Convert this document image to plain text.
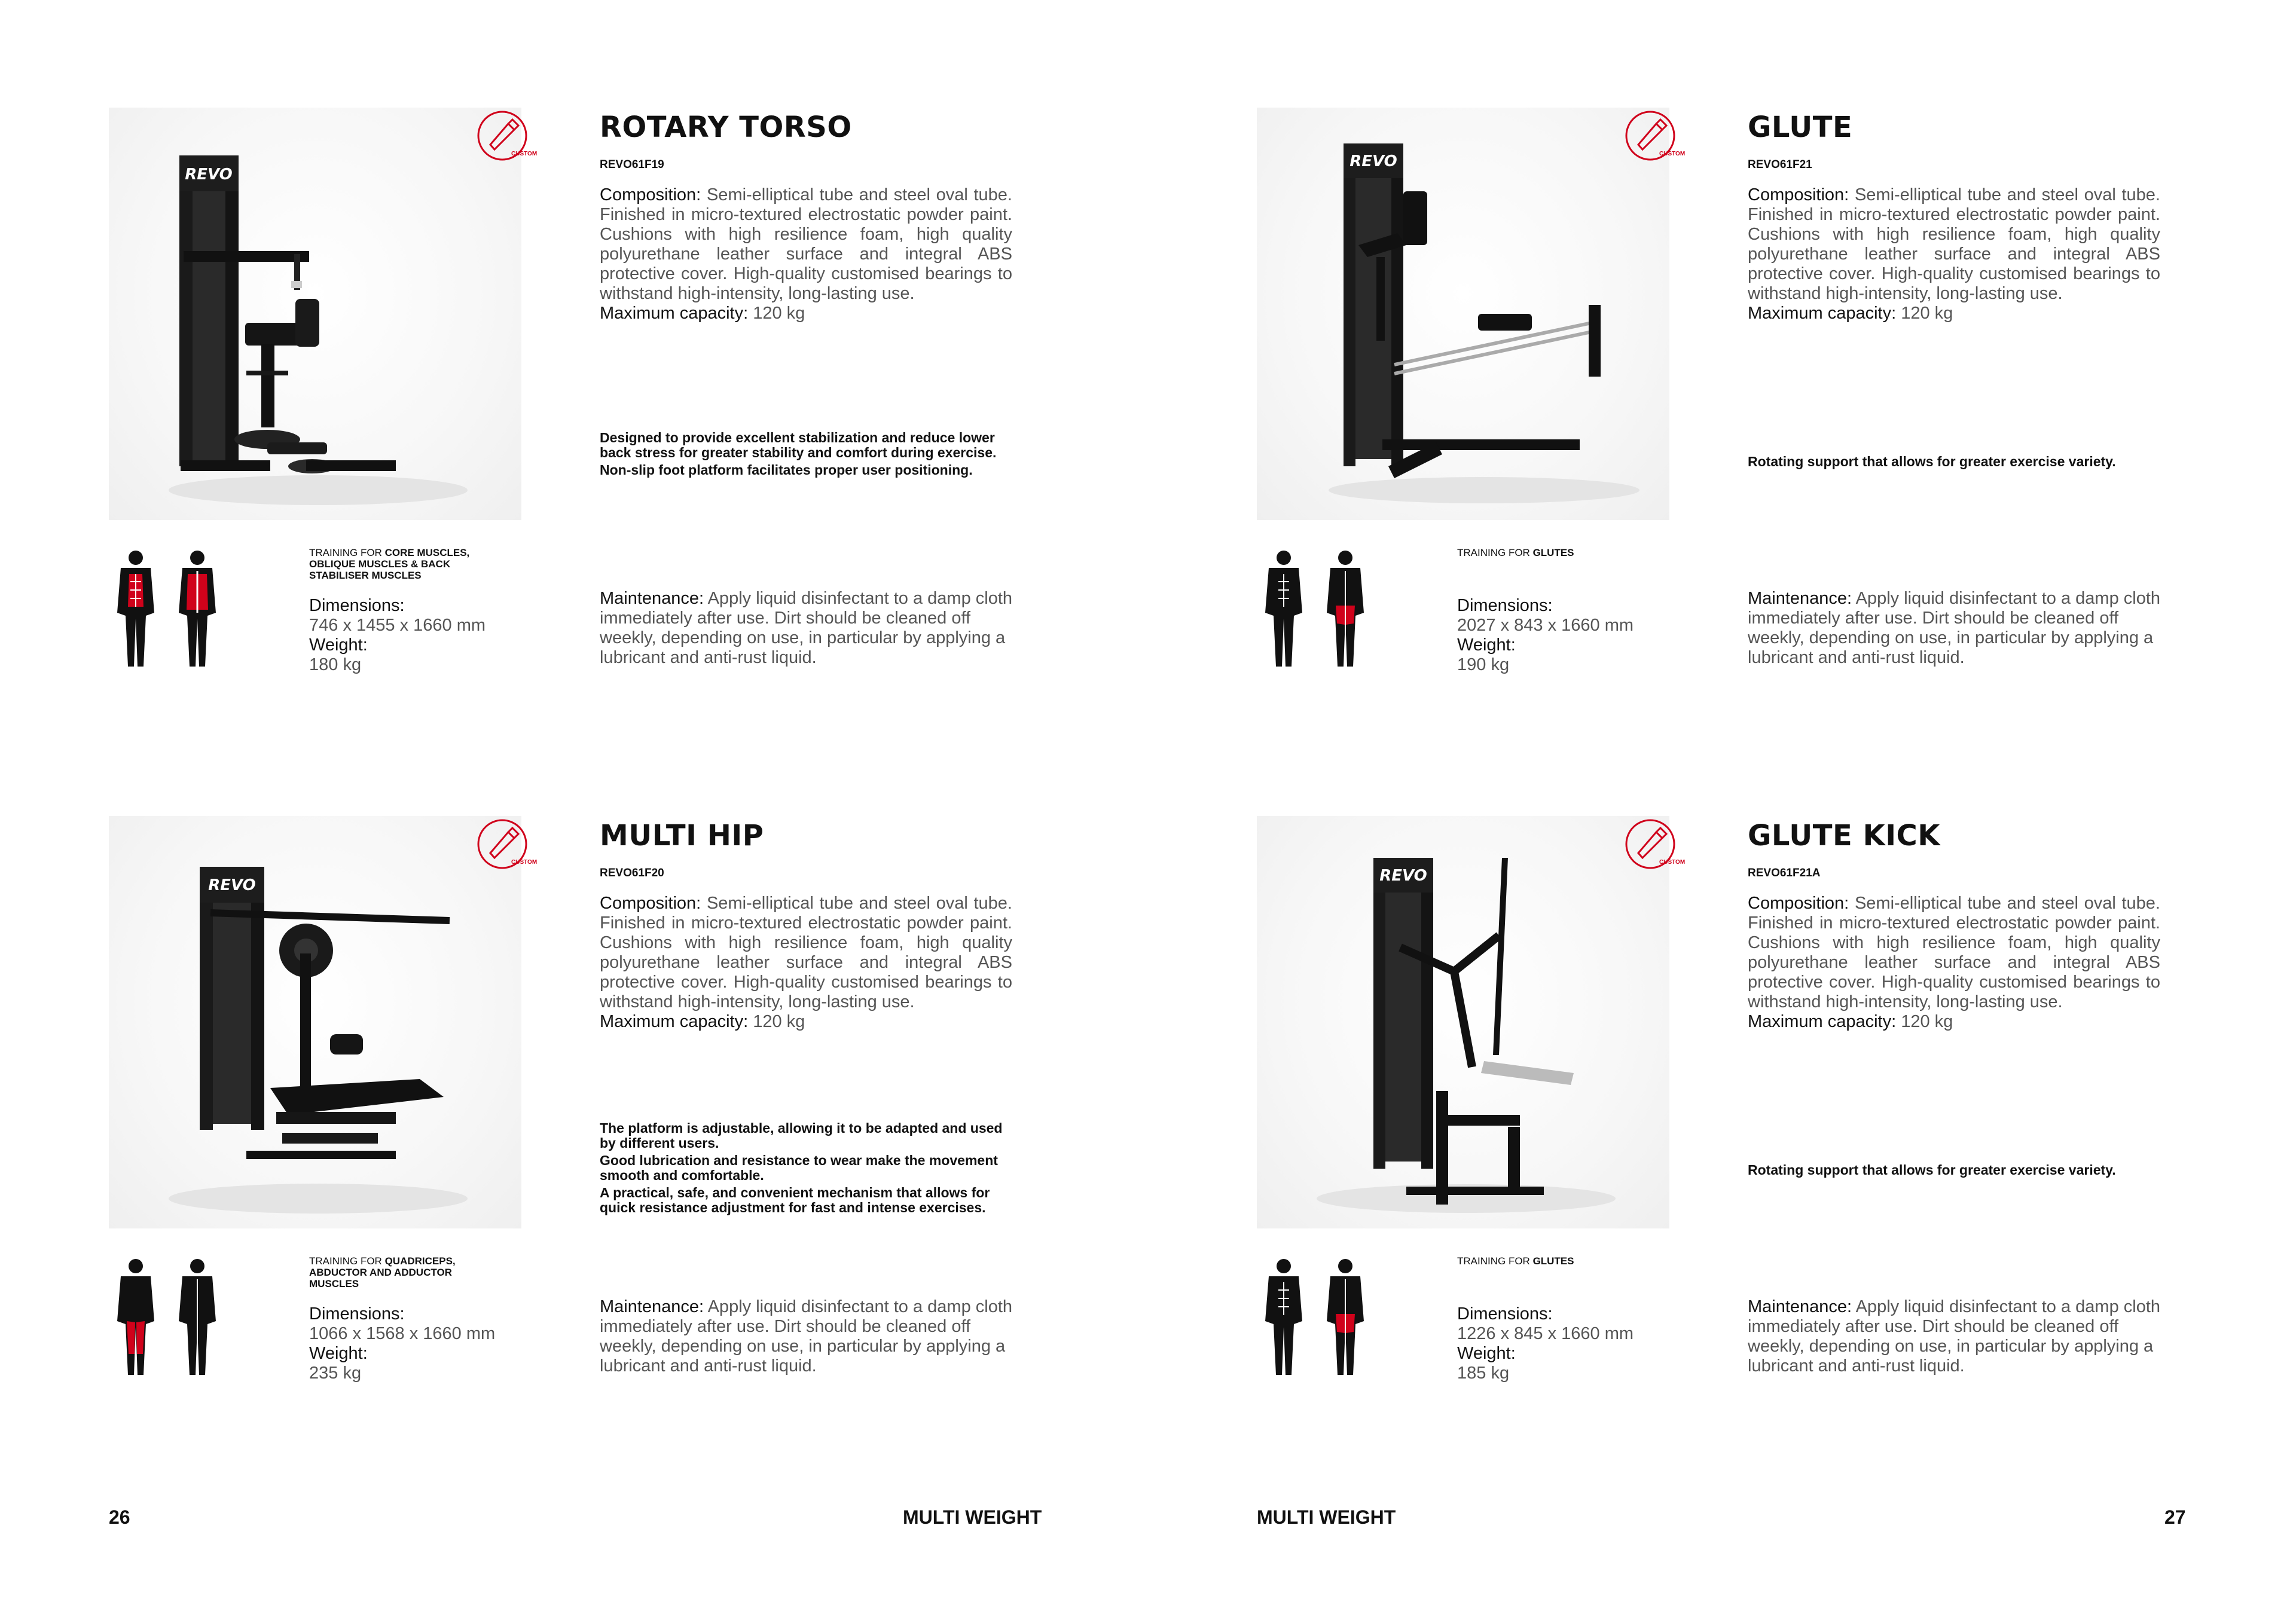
REVO
CUSTOM
ROTARY TORSO
REVO61F19
Composition: Semi-elliptical tube and steel oval tube. Finished in micro-textured electrostatic powder paint. Cushions with high resilience foam, high quality polyurethane leather surface and integral ABS protective cover. High-quality customised bearings to withstand high-intensity, long-lasting use.
Maximum capacity: 120 kg
Designed to provide excellent stabilization and reduce lower back stress for greater stability and comfort during exercise.
Non-slip foot platform facilitates proper user positioning.
TRAINING FOR CORE MUSCLES, OBLIQUE MUSCLES & BACK STABILISER MUSCLES
Dimensions:
746 x 1455 x 1660 mm
Weight:
180 kg
Maintenance: Apply liquid disinfectant to a damp cloth immediately after use. Dirt should be cleaned off weekly, depending on use, in particular by applying a lubricant and anti-rust liquid.
REVO
CUSTOM
MULTI HIP
REVO61F20
Composition: Semi-elliptical tube and steel oval tube. Finished in micro-textured electrostatic powder paint. Cushions with high resilience foam, high quality polyurethane leather surface and integral ABS protective cover. High-quality customised bearings to withstand high-intensity, long-lasting use.
Maximum capacity: 120 kg
The platform is adjustable, allowing it to be adapted and used by different users.
Good lubrication and resistance to wear make the movement smooth and comfortable.
A practical, safe, and convenient mechanism that allows for quick resistance adjustment for fast and intense exercises.
TRAINING FOR QUADRICEPS, ABDUCTOR AND ADDUCTOR MUSCLES
Dimensions:
1066 x 1568 x 1660 mm
Weight:
235 kg
Maintenance: Apply liquid disinfectant to a damp cloth immediately after use. Dirt should be cleaned off weekly, depending on use, in particular by applying a lubricant and anti-rust liquid.
26	MULTI WEIGHT
REVO	CUSTOM
GLUTE
REVO61F21
Composition: Semi-elliptical tube and steel oval tube. Finished in micro-textured electrostatic powder paint. Cushions with high resilience foam, high quality polyurethane leather surface and integral ABS protective cover. High-quality customised bearings to withstand high-intensity, long-lasting use.
Maximum capacity: 120 kg
Rotating support that allows for greater exercise variety.
TRAINING FOR GLUTES
Dimensions:
2027 x 843 x 1660 mm
Weight:
190 kg
Maintenance: Apply liquid disinfectant to a damp cloth immediately after use. Dirt should be cleaned off weekly, depending on use, in particular by applying a lubricant and anti-rust liquid.
REVO
CUSTOM
GLUTE KICK
REVO61F21A
Composition: Semi-elliptical tube and steel oval tube. Finished in micro-textured electrostatic powder paint. Cushions with high resilience foam, high quality polyurethane leather surface and integral ABS protective cover. High-quality customised bearings to withstand high-intensity, long-lasting use.
Maximum capacity: 120 kg
Rotating support that allows for greater exercise variety.
TRAINING FOR GLUTES
Dimensions:
1226 x 845 x 1660 mm
Weight:
185 kg
Maintenance: Apply liquid disinfectant to a damp cloth immediately after use. Dirt should be cleaned off weekly, depending on use, in particular by applying a lubricant and anti-rust liquid.
MULTI WEIGHT	27
